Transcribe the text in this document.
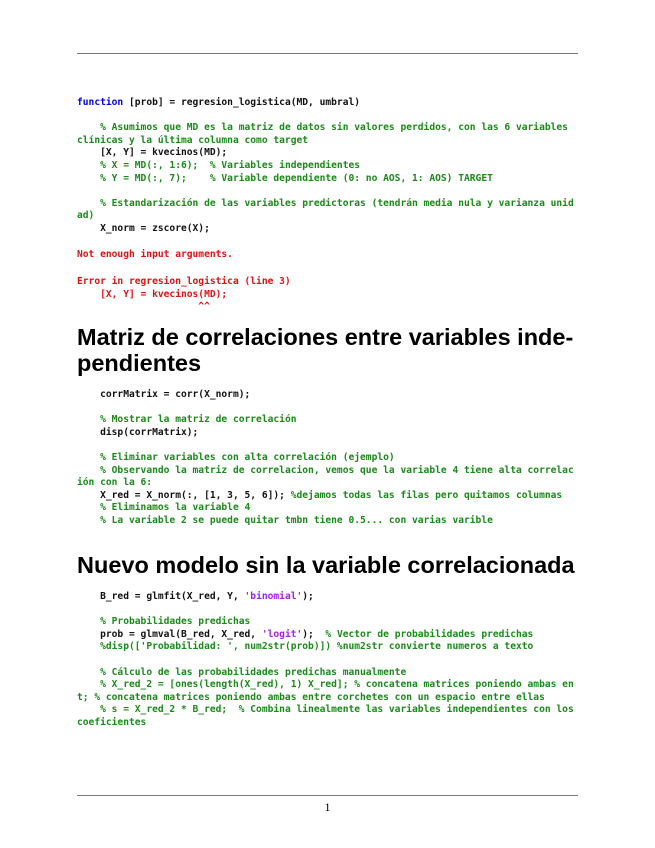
function [prob] = regresion_logistica(MD, umbral)

% Asumimos que MD es la matriz de datos sin valores perdidos, con las 6 variables clínicas y la última columna como target
[X, Y] = kvecinos(MD);
% X = MD(:, 1:6);  % Variables independientes
% Y = MD(:, 7);    % Variable dependiente (0: no AOS, 1: AOS) TARGET

% Estandarización de las variables predictoras (tendrán media nula y varianza unidad)
X_norm = zscore(X);
Not enough input arguments.
Error in regresion_logistica (line 3)
[X, Y] = kvecinos(MD);
^^
Matriz de correlaciones entre variables inde-pendientes
corrMatrix = corr(X_norm);

% Mostrar la matriz de correlación
disp(corrMatrix);

% Eliminar variables con alta correlación (ejemplo)
% Observando la matriz de correlacion, vemos que la variable 4 tiene alta correlación con la 6:
X_red = X_norm(:, [1, 3, 5, 6]); %dejamos todas las filas pero quitamos columnas
% Eliminamos la variable 4
% La variable 2 se puede quitar tmbn tiene 0.5... con varias varible
Nuevo modelo sin la variable correlacionada
B_red = glmfit(X_red, Y, 'binomial');

% Probabilidades predichas
prob = glmval(B_red, X_red, 'logit');  % Vector de probabilidades predichas
%disp(['Probabilidad: ', num2str(prob)]) %num2str convierte numeros a texto

% Cálculo de las probabilidades predichas manualmente
% X_red_2 = [ones(length(X_red), 1) X_red]; % concatena matrices poniendo ambas ent; % concatena matrices poniendo ambas entre corchetes con un espacio entre ellas
% s = X_red_2 * B_red;  % Combina linealmente las variables independientes con los coeficientes
1
